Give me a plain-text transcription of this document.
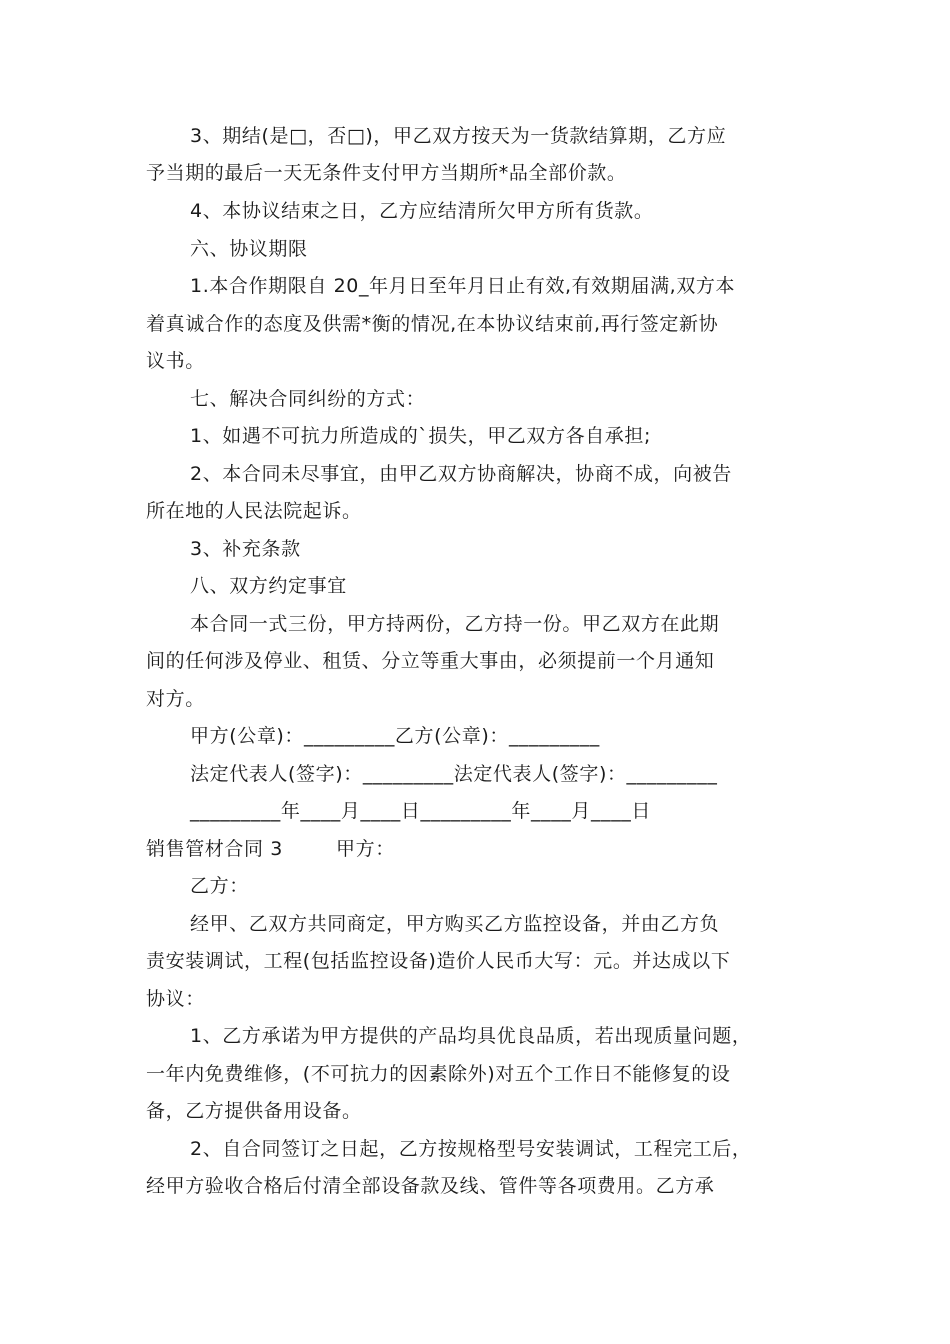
3、期结(是□，否□)，甲乙双方按天为一货款结算期，乙方应
予当期的最后一天无条件支付甲方当期所*品全部价款。
4、本协议结束之日，乙方应结清所欠甲方所有货款。
六、协议期限
1.本合作期限自 20_年月日至年月日止有效,有效期届满,双方本
着真诚合作的态度及供需*衡的情况,在本协议结束前,再行签定新协
议书。
七、解决合同纠纷的方式：
1、如遇不可抗力所造成的`损失，甲乙双方各自承担;
2、本合同未尽事宜，由甲乙双方协商解决，协商不成，向被告
所在地的人民法院起诉。
3、补充条款
八、双方约定事宜
本合同一式三份，甲方持两份，乙方持一份。甲乙双方在此期
间的任何涉及停业、租赁、分立等重大事由，必须提前一个月通知
对方。
甲方(公章)：_________乙方(公章)：_________
法定代表人(签字)：_________法定代表人(签字)：_________
_________年____月____日_________年____月____日
销售管材合同 3        甲方：
乙方：
经甲、乙双方共同商定，甲方购买乙方监控设备，并由乙方负
责安装调试，工程(包括监控设备)造价人民币大写：元。并达成以下
协议：
1、乙方承诺为甲方提供的产品均具优良品质，若出现质量问题，
一年内免费维修，(不可抗力的因素除外)对五个工作日不能修复的设
备，乙方提供备用设备。
2、自合同签订之日起，乙方按规格型号安装调试，工程完工后，
经甲方验收合格后付清全部设备款及线、管件等各项费用。乙方承
